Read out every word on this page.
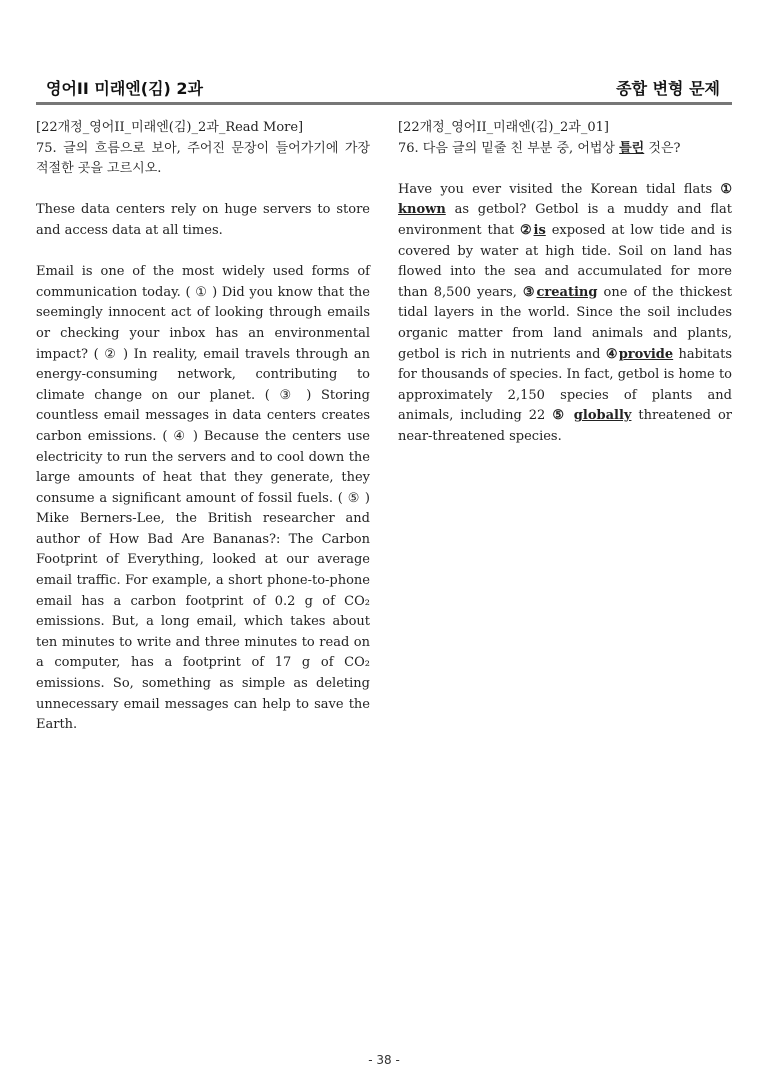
영어II 미래엔(김) 2과	종합 변형 문제

[22개정_영어II_미래엔(김)_2과_Read More]

75. 글의 흐름으로 보아, 주어진 문장이 들어가기에 가장 적절한 곳을 고르시오.

These data centers rely on huge servers to store and access data at all times.

Email is one of the most widely used forms of communication today. ( ① ) Did you know that the seemingly innocent act of looking through emails or checking your inbox has an environmental impact? ( ② ) In reality, email travels through an energy-consuming network, contributing to climate change on our planet. ( ③ ) Storing countless email messages in data centers creates carbon emissions. ( ④ ) Because the centers use electricity to run the servers and to cool down the large amounts of heat that they generate, they consume a significant amount of fossil fuels. ( ⑤ ) Mike Berners-Lee, the British researcher and author of How Bad Are Bananas?: The Carbon Footprint of Everything, looked at our average email traffic. For example, a short phone-to-phone email has a carbon footprint of 0.2 g of CO₂ emissions. But, a long email, which takes about ten minutes to write and three minutes to read on a computer, has a footprint of 17 g of CO₂ emissions. So, something as simple as deleting unnecessary email messages can help to save the Earth.

[22개정_영어II_미래엔(김)_2과_01]

76. 다음 글의 밑줄 친 부분 중, 어법상 틀린 것은?

Have you ever visited the Korean tidal flats ① known as getbol? Getbol is a muddy and flat environment that ②is exposed at low tide and is covered by water at high tide. Soil on land has flowed into the sea and accumulated for more than 8,500 years, ③creating one of the thickest tidal layers in the world. Since the soil includes organic matter from land animals and plants, getbol is rich in nutrients and ④provide habitats for thousands of species. In fact, getbol is home to approximately 2,150 species of plants and animals, including 22 ⑤ globally threatened or near-threatened species.

- 38 -
